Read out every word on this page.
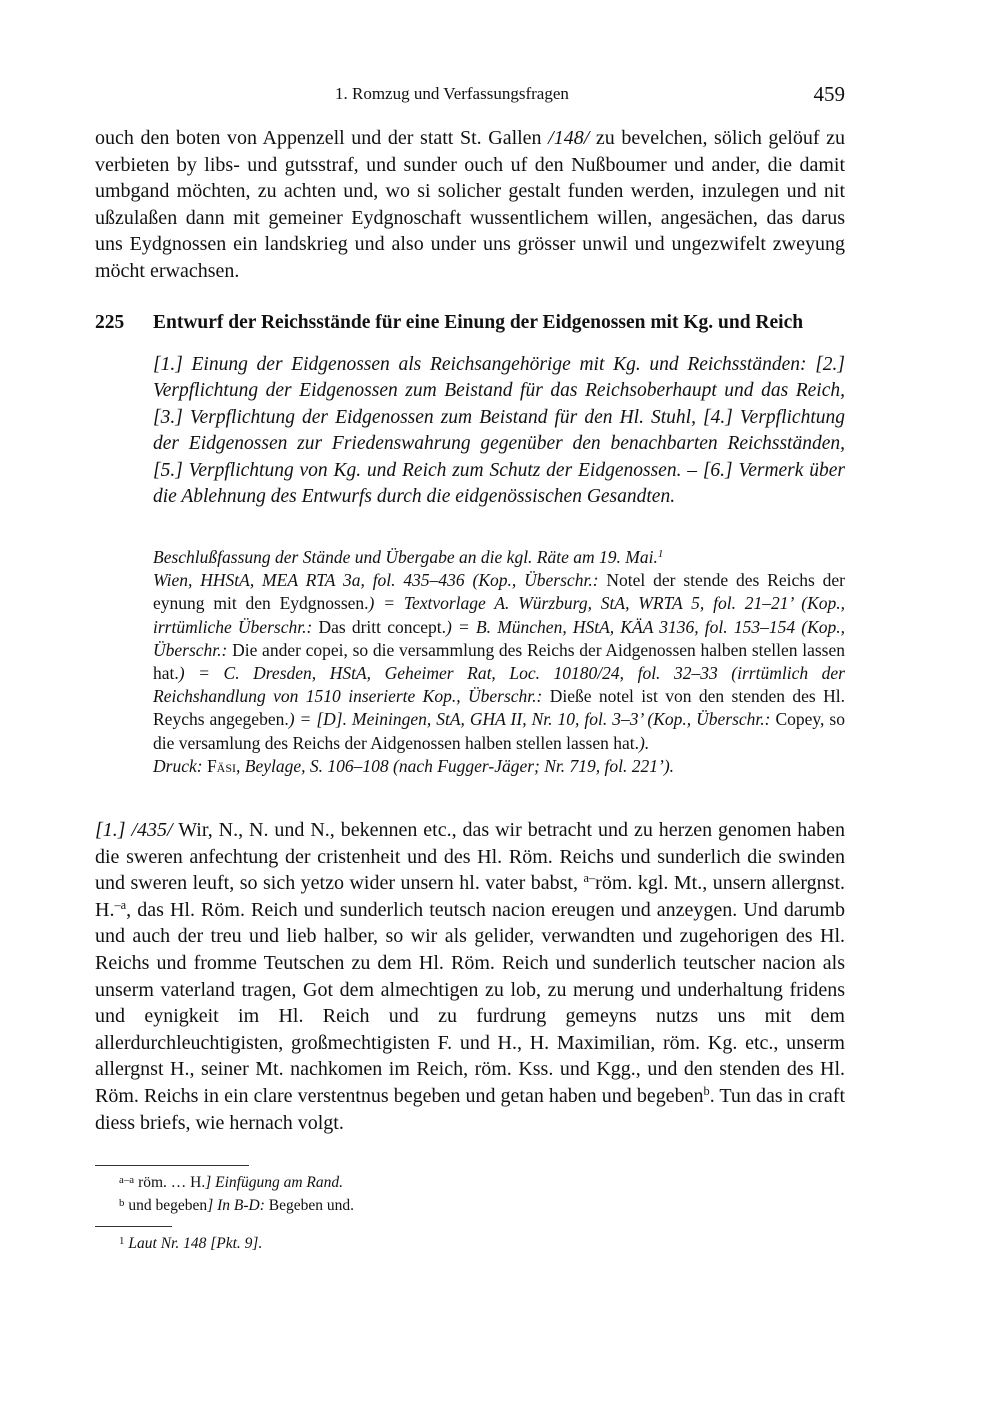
1. Romzug und Verfassungsfragen	459

ouch den boten von Appenzell und der statt St. Gallen /148/ zu bevelchen, sölich gelöuf zu verbieten by libs- und gutsstraf, und sunder ouch uf den Nußboumer und ander, die damit umbgand möchten, zu achten und, wo si solicher gestalt funden werden, inzulegen und nit ußzulaßen dann mit gemeiner Eydgnoschaft wussentlichem willen, angesächen, das darus uns Eydgnossen ein landskrieg und also under uns grösser unwil und ungezwifelt zweyung möcht erwachsen.

225 Entwurf der Reichsstände für eine Einung der Eidgenossen mit Kg. und Reich

[1.] Einung der Eidgenossen als Reichsangehörige mit Kg. und Reichsständen: [2.] Verpflichtung der Eidgenossen zum Beistand für das Reichsoberhaupt und das Reich, [3.] Verpflichtung der Eidgenossen zum Beistand für den Hl. Stuhl, [4.] Verpflichtung der Eidgenossen zur Friedenswahrung gegenüber den benachbarten Reichsständen, [5.] Verpflichtung von Kg. und Reich zum Schutz der Eidgenossen. – [6.] Vermerk über die Ablehnung des Entwurfs durch die eidgenössischen Gesandten.

Beschlußfassung der Stände und Übergabe an die kgl. Räte am 19. Mai.$^1$

Wien, HHStA, MEA RTA 3a, fol. 435–436 (Kop., Überschr.: Notel der stende des Reichs der eynung mit den Eydgnossen.) = Textvorlage A. Würzburg, StA, WRTA 5, fol. 21–21’ (Kop., irrtümliche Überschr.: Das dritt concept.) = B. München, HStA, KÄA 3136, fol. 153–154 (Kop., Überschr.: Die ander copei, so die versammlung des Reichs der Aidgenossen halben stellen lassen hat.) = C. Dresden, HStA, Geheimer Rat, Loc. 10180/24, fol. 32–33 (irrtümlich der Reichshandlung von 1510 inserierte Kop., Überschr.: Dieße notel ist von den stenden des Hl. Reychs angegeben.) = [D]. Meiningen, StA, GHA II, Nr. 10, fol. 3–3’ (Kop., Überschr.: Copey, so die versamlung des Reichs der Aidgenossen halben stellen lassen hat.).

Druck: Fäsi, Beylage, S. 106–108 (nach Fugger-Jäger; Nr. 719, fol. 221’).

[1.] /435/ Wir, N., N. und N., bekennen etc., das wir betracht und zu herzen genomen haben die sweren anfechtung der cristenheit und des Hl. Röm. Reichs und sunderlich die swinden und sweren leuft, so sich yetzo wider unsern hl. vater babst, $^{a-}$röm. kgl. Mt., unsern allergnst. H.$^{-a}$, das Hl. Röm. Reich und sunderlich teutsch nacion ereugen und anzeygen. Und darumb und auch der treu und lieb halber, so wir als gelider, verwandten und zugehorigen des Hl. Reichs und fromme Teutschen zu dem Hl. Röm. Reich und sunderlich teutscher nacion als unserm vaterland tragen, Got dem almechtigen zu lob, zu merung und underhaltung fridens und eynigkeit im Hl. Reich und zu furdrung gemeyns nutzs uns mit dem allerdurchleuchtigisten, großmechtigisten F. und H., H. Maximilian, röm. Kg. etc., unserm allergnst H., seiner Mt. nachkomen im Reich, röm. Kss. und Kgg., und den stenden des Hl. Röm. Reichs in ein clare verstentnus begeben und getan haben und begeben$^b$. Tun das in craft diess briefs, wie hernach volgt.

$^{a-a}$ röm. … H.] Einfügung am Rand.

$^b$ und begeben] In B-D: Begeben und.

$^1$ Laut Nr. 148 [Pkt. 9].
